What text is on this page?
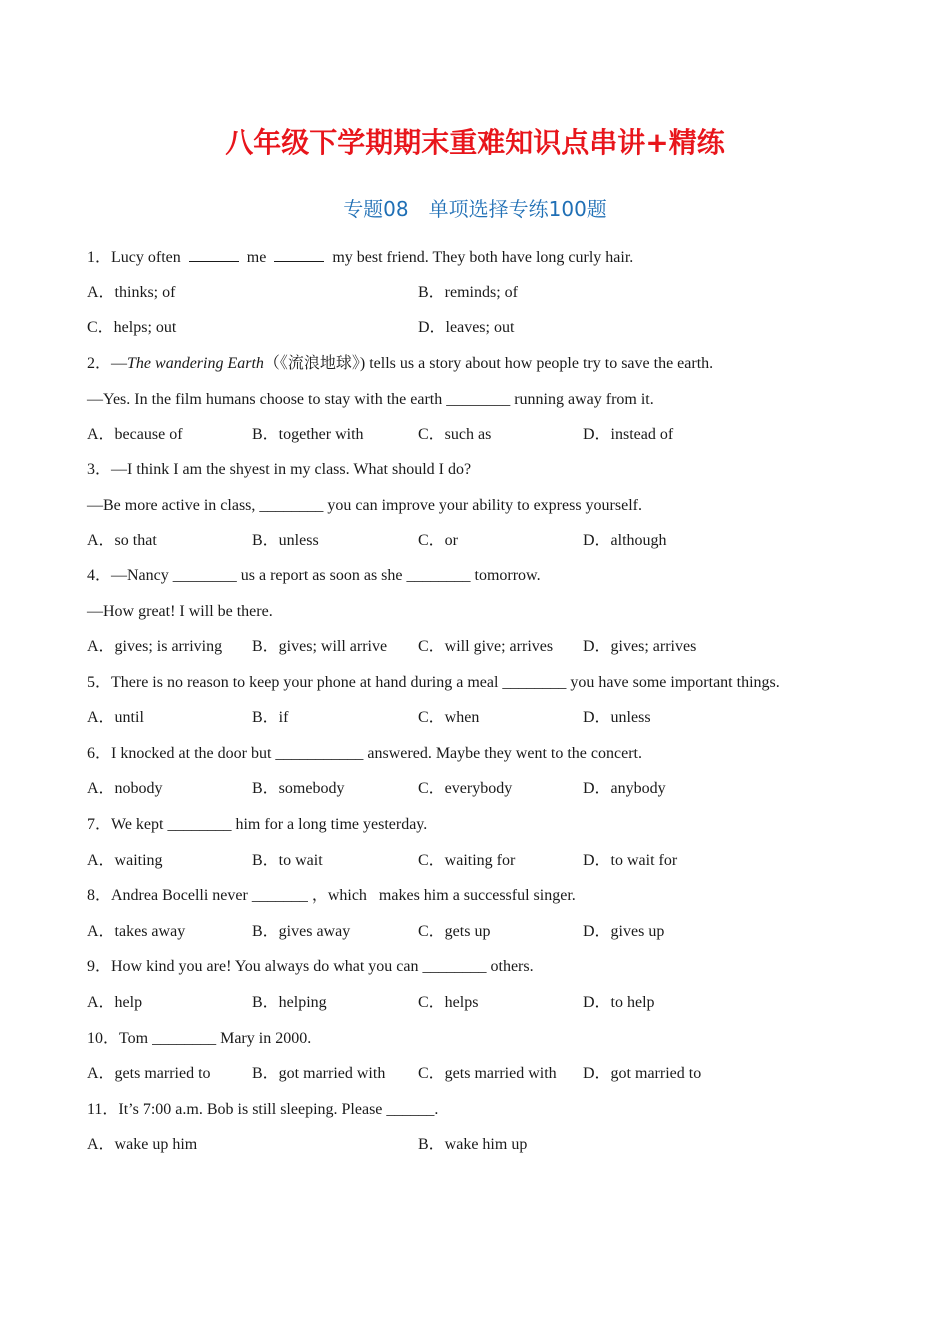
八年级下学期期末重难知识点串讲+精练
专题08　单项选择专练100题
1．Lucy often	me	my best friend. They both have long curly hair.
A．thinks; of	B．reminds; of
C．helps; out	D．leaves; out
2．—The wandering Earth（《流浪地球》) tells us a story about how people try to save the earth.
—Yes. In the film humans choose to stay with the earth ________ running away from it.
A．because of	B．together with	C．such as	D．instead of
3．—I think I am the shyest in my class. What should I do?
—Be more active in class, ________ you can improve your ability to express yourself.
A．so that	B．unless	C．or	D．although
4．—Nancy ________ us a report as soon as she ________ tomorrow.
—How great! I will be there.
A．gives; is arriving B．gives; will arrive C．will give; arrives D．gives; arrives
5．There is no reason to keep your phone at hand during a meal ________ you have some important things.
A．until	B．if	C．when	D．unless
6．I knocked at the door but ___________ answered. Maybe they went to the concert.
A．nobody	B．somebody	C．everybody	D．anybody
7．We kept ________ him for a long time yesterday.
A．waiting	B．to wait	C．waiting for	D．to wait for
8．Andrea Bocelli never _______ ，which   makes him a successful singer.
A．takes away	B．gives away	C．gets up	D．gives up
9．How kind you are! You always do what you can ________ others.
A．help	B．helping	C．helps	D．to help
10．Tom ________ Mary in 2000.
A．gets married to	B．got married with C．gets married with D．got married to
11．It’s 7:00 a.m. Bob is still sleeping. Please ______.
A．wake up him	B．wake him up
